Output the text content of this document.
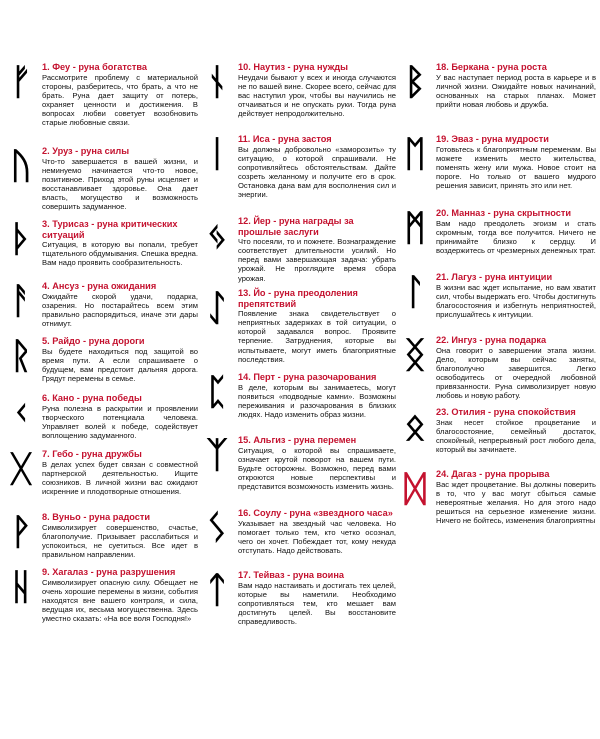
ᚠ	1. Феу - руна богатства

Рассмотрите проблему с материальной стороны, разберитесь, что брать, а что не брать. Руна дает защиту от потерь, охраняет ценности и достижения. В вопросах любви советует возобновить старые любовные связи.

ᚢ	2. Уруз - руна силы

Что-то завершается в вашей жизни, и неминуемо начинается что-то новое, позитивное. Приход этой руны исцеляет и восстанавливает здоровье. Она дает власть, могущество и возможность совершить задуманное.

ᚦ	3. Турисаз - руна критических ситуаций

Ситуация, в которую вы попали, требует тщательного обдумывания. Спешка вредна. Вам надо проявить сообразительность.

ᚨ	4. Ансуз - руна ожидания

Ожидайте скорой удачи, подарка, озарения. Но постарайтесь всем этим правильно распорядиться, иначе эти дары отнимут.

ᚱ	5. Райдо - руна дороги

Вы будете находиться под защитой во время пути. А если спрашиваете о будущем, вам предстоит дальняя дорога. Грядут перемены в семье.

ᚲ	6. Кано - руна победы

Руна полезна в раскрытии и проявлении творческого потенциала человека. Управляет волей к победе, содействует воплощению задуманного.

ᚷ	7. Гебо - руна дружбы

В делах успех будет связан с совместной партнерской деятельностью. Ищите союзников. В личной жизни вас ожидают искренние и плодотворные отношения.

ᚹ	8. Вуньо - руна радости

Символизирует совершенство, счастье, благополучие. Призывает расслабиться и успокоиться, не суетиться. Все идет в правильном направлении.

ᚺ	9. Хагалаз - руна разрушения

Символизирует опасную силу. Обещает не очень хорошие перемены в жизни, события находятся вне вашего контроля, и сила, ведущая их, весьма могущественна. Здесь уместно сказать: «На все воля Господня!»

ᚾ	10. Наутиз - руна нужды

Неудачи бывают у всех и иногда случаются не по вашей вине. Скорее всего, сейчас для вас наступил урок, чтобы вы научились не отчаиваться и не опускать руки. Тогда руна действует непродолжительно.

ᛁ	11. Иса - руна застоя

Вы должны добровольно «заморозить» ту ситуацию, о которой спрашивали. Не сопротивляйтесь обстоятельствам. Дайте созреть желанному и получите его в срок. Остановка дана вам для восполнения сил и энергии.

ᛃ	12. Йер - руна награды за прошлые заслуги

Что посеяли, то и пожнете. Вознаграждение соответствует длительности усилий. Но перед вами завершающая задача: убрать урожай. Не проглядите время сбора урожая.

ᛇ	13. Йо - руна преодоления препятствий

Появление знака свидетельствует о неприятных задержках в той ситуации, о которой задавался вопрос. Проявите терпение. Затруднения, которые вы испытываете, могут иметь благоприятные последствия.

ᛈ	14. Перт - руна разочарования

В деле, которым вы занимаетесь, могут появиться «подводные камни». Возможны переживания и разочарования в близких людях. Надо изменить образ жизни.

ᛉ	15. Альгиз - руна перемен

Ситуация, о которой вы спрашиваете, означает крутой поворот на вашем пути. Будьте осторожны. Возможно, перед вами откроются новые перспективы и представится возможность изменить жизнь.

ᛊ	16. Соулу - руна «звездного часа»

Указывает на звездный час человека. Но помогает только тем, кто четко осознал, чего он хочет. Побеждает тот, кому некуда отступать. Надо действовать.

ᛏ	17. Тейваз - руна воина

Вам надо настаивать и достигать тех целей, которые вы наметили. Необходимо сопротивляться тем, кто мешает вам достигнуть целей. Вы восстановите справедливость.

ᛒ	18. Беркана - руна роста

У вас наступает период роста в карьере и в личной жизни. Ожидайте новых начинаний, основанных на старых планах. Может прийти новая любовь и дружба.

ᛖ	19. Эваз - руна мудрости

Готовьтесь к благоприятным переменам. Вы можете изменить место жительства, поменять жену или мужа. Новое стоит на пороге. Но только от вашего мудрого решения зависит, принять это или нет.

ᛗ	20. Манназ - руна скрытности

Вам надо преодолеть эгоизм и стать скромным, тогда все получится. Ничего не принимайте близко к сердцу. И воздержитесь от чрезмерных денежных трат.

ᛚ	21. Лагуз - руна интуиции

В жизни вас ждет испытание, но вам хватит сил, чтобы выдержать его. Чтобы достигнуть благосостояния и избегнуть неприятностей, прислушайтесь к интуиции.

ᛝ	22. Ингуз - руна подарка

Она говорит о завершении этапа жизни. Дело, которым вы сейчас заняты, благополучно завершится. Легко освободитесь от очередной любовной привязанности. Руна символизирует новую любовь и новую работу.

ᛟ	23. Отилия - руна спокойствия

Знак несет стойкое процветание и благосостояние, семейный достаток, спокойный, непрерывный рост любого дела, который вы зачинаете.

ᛞ	24. Дагаз - руна прорыва

Вас ждет процветание. Вы должны поверить в то, что у вас могут сбыться самые невероятные желания. Но для этого надо решиться на серьезное изменение жизни. Ничего не бойтесь, изменения благоприятны
